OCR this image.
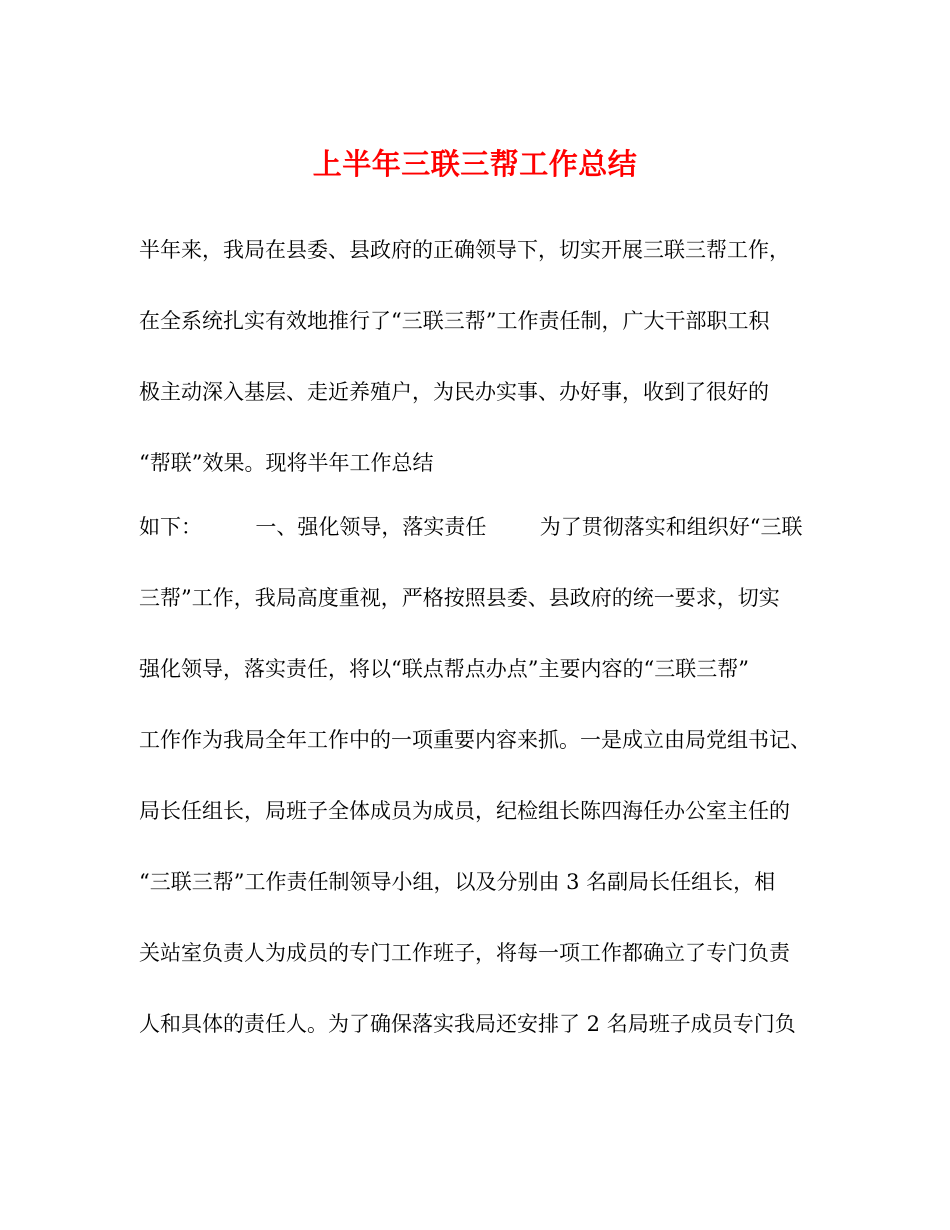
上半年三联三帮工作总结

半年来，我局在县委、县政府的正确领导下，切实开展三联三帮工作，

在全系统扎实有效地推行了“三联三帮”工作责任制，广大干部职工积

极主动深入基层、走近养殖户，为民办实事、办好事，收到了很好的

“帮联”效果。现将半年工作总结

如下：        一、强化领导，落实责任        为了贯彻落实和组织好“三联

三帮”工作，我局高度重视，严格按照县委、县政府的统一要求，切实

强化领导，落实责任，将以“联点帮点办点”主要内容的“三联三帮”

工作作为我局全年工作中的一项重要内容来抓。一是成立由局党组书记、

局长任组长，局班子全体成员为成员，纪检组长陈四海任办公室主任的

“三联三帮”工作责任制领导小组，以及分别由 3 名副局长任组长，相

关站室负责人为成员的专门工作班子，将每一项工作都确立了专门负责

人和具体的责任人。为了确保落实我局还安排了 2 名局班子成员专门负
